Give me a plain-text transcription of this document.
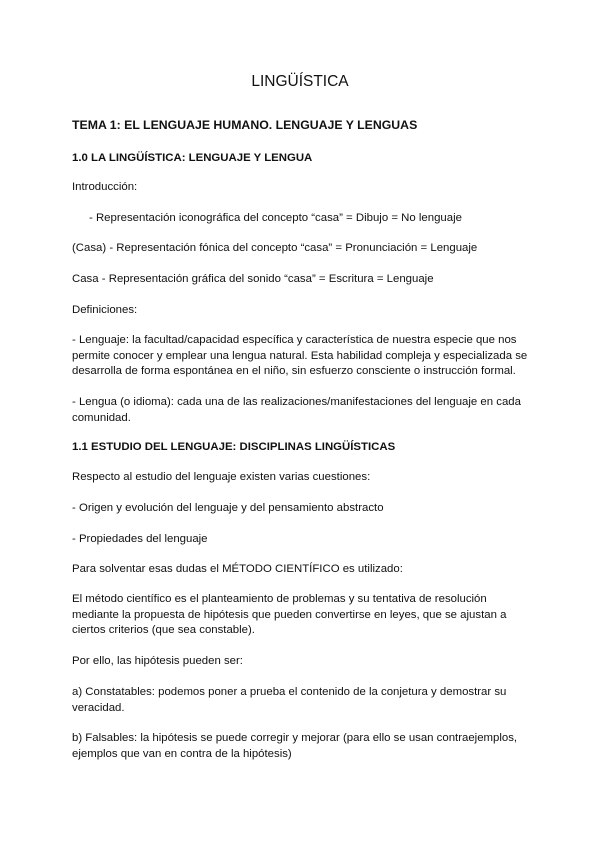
LINGÜÍSTICA
TEMA 1: EL LENGUAJE HUMANO. LENGUAJE Y LENGUAS
1.0 LA LINGÜÍSTICA: LENGUAJE Y LENGUA
Introducción:
- Representación iconográfica del concepto “casa” = Dibujo = No lenguaje
(Casa) - Representación fónica del concepto “casa” = Pronunciación = Lenguaje
Casa - Representación gráfica del sonido “casa” = Escritura = Lenguaje
Definiciones:
- Lenguaje: la facultad/capacidad específica y característica de nuestra especie que nos permite conocer y emplear una lengua natural. Esta habilidad compleja y especializada se desarrolla de forma espontánea en el niño, sin esfuerzo consciente o instrucción formal.
- Lengua (o idioma): cada una de las realizaciones/manifestaciones del lenguaje en cada comunidad.
1.1 ESTUDIO DEL LENGUAJE: DISCIPLINAS LINGÜÍSTICAS
Respecto al estudio del lenguaje existen varias cuestiones:
- Origen y evolución del lenguaje y del pensamiento abstracto
- Propiedades del lenguaje
Para solventar esas dudas el MÉTODO CIENTÍFICO es utilizado:
El método científico es el planteamiento de problemas y su tentativa de resolución mediante la propuesta de hipótesis que pueden convertirse en leyes, que se ajustan a ciertos criterios (que sea constable).
Por ello, las hipótesis pueden ser:
a) Constatables: podemos poner a prueba el contenido de la conjetura y demostrar su veracidad.
b) Falsables: la hipótesis se puede corregir y mejorar (para ello se usan contraejemplos, ejemplos que van en contra de la hipótesis)
